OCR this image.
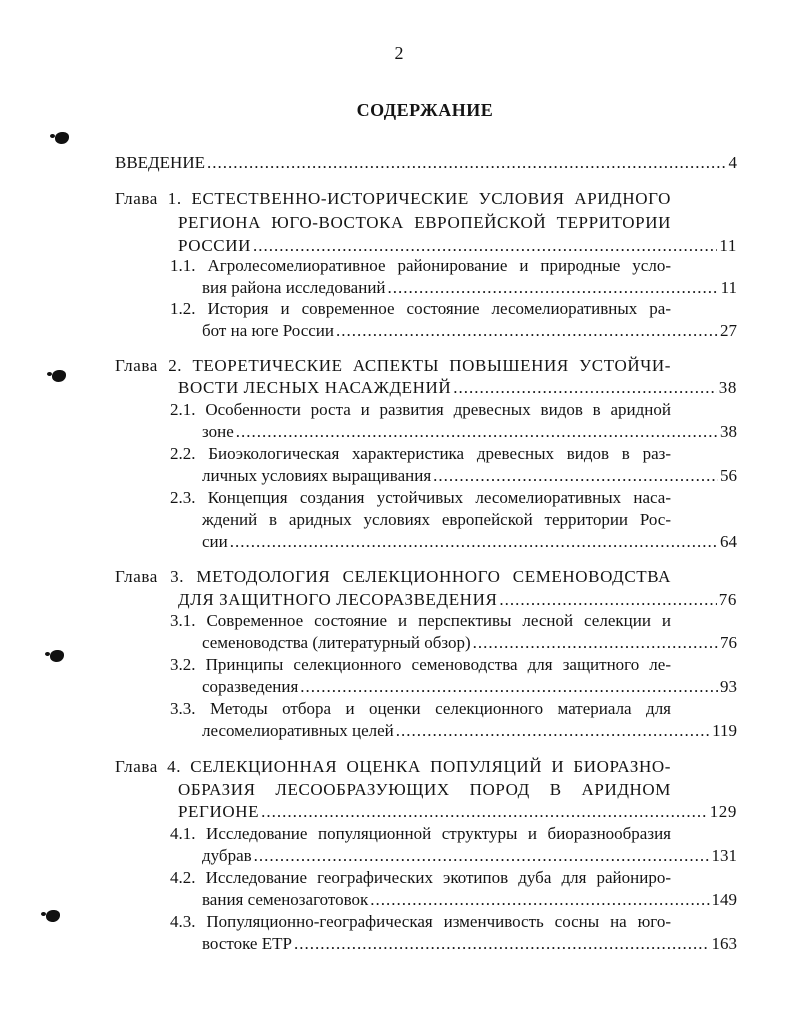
2
СОДЕРЖАНИЕ
ВВЕДЕНИЕ .....	4
Глава 1. ЕСТЕСТВЕННО-ИСТОРИЧЕСКИЕ УСЛОВИЯ АРИДНОГО
РЕГИОНА ЮГО-ВОСТОКА ЕВРОПЕЙСКОЙ ТЕРРИТОРИИ
РОССИИ .....	11
1.1. Агролесомелиоративное районирование и природные усло-
вия района исследований .....	11
1.2. История и современное состояние лесомелиоративных ра-
бот на юге России .....	27
Глава 2. ТЕОРЕТИЧЕСКИЕ АСПЕКТЫ ПОВЫШЕНИЯ УСТОЙЧИ-
ВОСТИ ЛЕСНЫХ НАСАЖДЕНИЙ .....	38
2.1. Особенности роста и развития древесных видов в аридной
зоне .....	38
2.2. Биоэкологическая характеристика древесных видов в раз-
личных условиях выращивания .....	56
2.3. Концепция создания устойчивых лесомелиоративных наса-
ждений в аридных условиях европейской территории Рос-
сии .....	64
Глава 3. МЕТОДОЛОГИЯ СЕЛЕКЦИОННОГО СЕМЕНОВОДСТВА
ДЛЯ ЗАЩИТНОГО ЛЕСОРАЗВЕДЕНИЯ .....	76
3.1. Современное состояние и перспективы лесной селекции и
семеноводства (литературный обзор) .....	76
3.2. Принципы селекционного семеноводства для защитного ле-
соразведения .....	93
3.3. Методы отбора и оценки селекционного материала для
лесомелиоративных целей .....	119
Глава 4. СЕЛЕКЦИОННАЯ ОЦЕНКА ПОПУЛЯЦИЙ И БИОРАЗНО-
ОБРАЗИЯ ЛЕСООБРАЗУЮЩИХ ПОРОД В АРИДНОМ
РЕГИОНЕ .....	129
4.1. Исследование популяционной структуры и биоразнообразия
дубрав .....	131
4.2. Исследование географических экотипов дуба для райониро-
вания семенозаготовок .....	149
4.3. Популяционно-географическая изменчивость сосны на юго-
востоке ЕТР .....	163
